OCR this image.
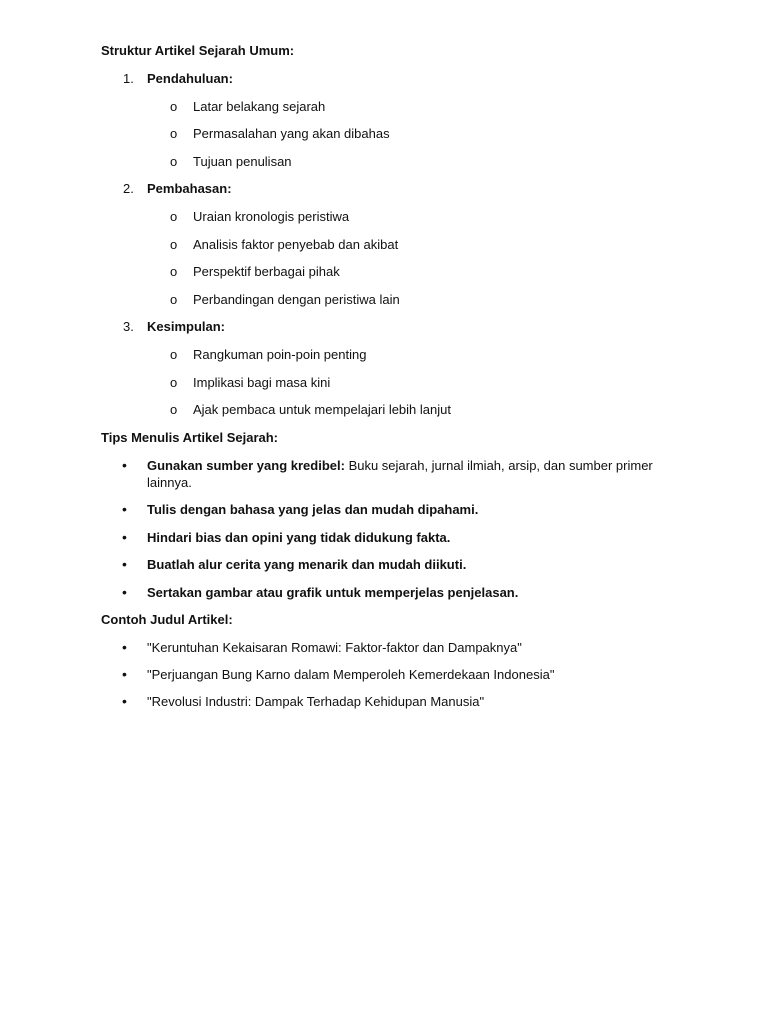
Struktur Artikel Sejarah Umum:
1. Pendahuluan:
o Latar belakang sejarah
o Permasalahan yang akan dibahas
o Tujuan penulisan
2. Pembahasan:
o Uraian kronologis peristiwa
o Analisis faktor penyebab dan akibat
o Perspektif berbagai pihak
o Perbandingan dengan peristiwa lain
3. Kesimpulan:
o Rangkuman poin-poin penting
o Implikasi bagi masa kini
o Ajak pembaca untuk mempelajari lebih lanjut
Tips Menulis Artikel Sejarah:
• Gunakan sumber yang kredibel: Buku sejarah, jurnal ilmiah, arsip, dan sumber primer lainnya.
• Tulis dengan bahasa yang jelas dan mudah dipahami.
• Hindari bias dan opini yang tidak didukung fakta.
• Buatlah alur cerita yang menarik dan mudah diikuti.
• Sertakan gambar atau grafik untuk memperjelas penjelasan.
Contoh Judul Artikel:
• "Keruntuhan Kekaisaran Romawi: Faktor-faktor dan Dampaknya"
• "Perjuangan Bung Karno dalam Memperoleh Kemerdekaan Indonesia"
• "Revolusi Industri: Dampak Terhadap Kehidupan Manusia"
